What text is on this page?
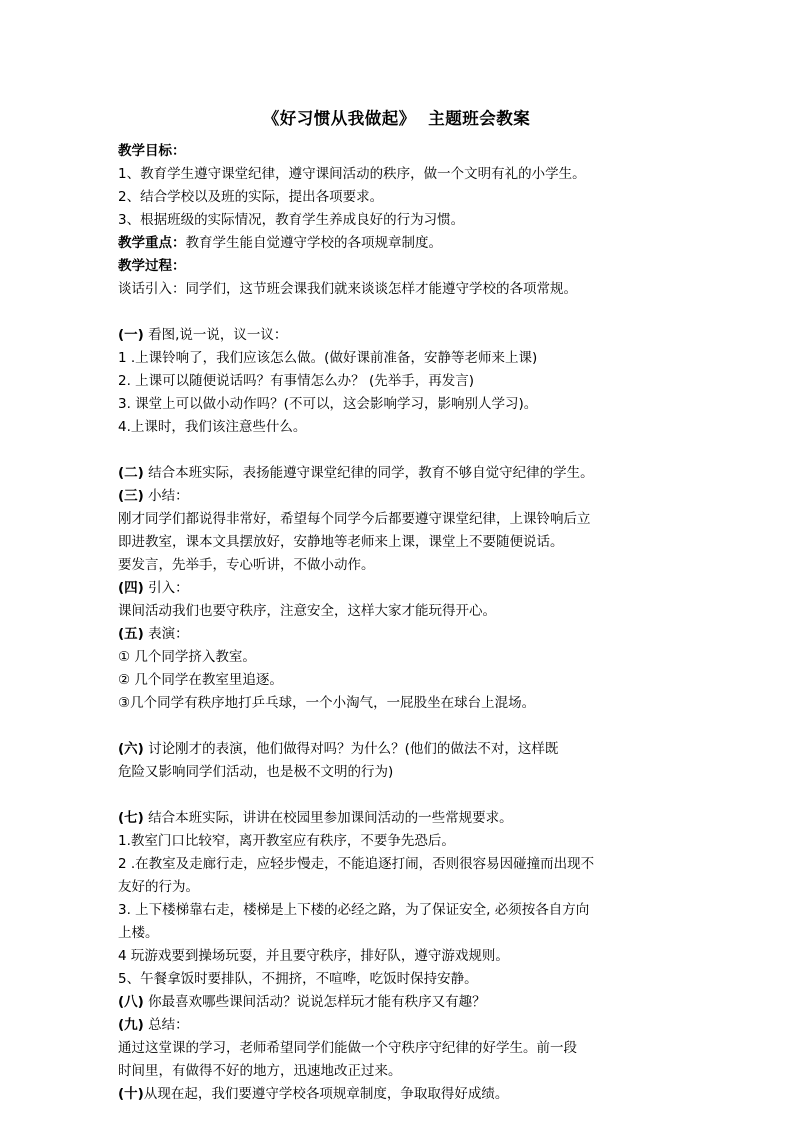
《好习惯从我做起》  主题班会教案
教学目标：
1、教育学生遵守课堂纪律，遵守课间活动的秩序，做一个文明有礼的小学生。
2、结合学校以及班的实际，提出各项要求。
3、根据班级的实际情况，教育学生养成良好的行为习惯。
教学重点：教育学生能自觉遵守学校的各项规章制度。
教学过程：
谈话引入：同学们，这节班会课我们就来谈谈怎样才能遵守学校的各项常规。
(一) 看图,说一说，议一议：
1 .上课铃响了，我们应该怎么做。(做好课前准备，安静等老师来上课)
2. 上课可以随便说话吗？有事情怎么办？ (先举手，再发言)
3. 课堂上可以做小动作吗？(不可以，这会影响学习，影响别人学习)。
4.上课时，我们该注意些什么。
(二) 结合本班实际，表扬能遵守课堂纪律的同学，教育不够自觉守纪律的学生。
(三) 小结：
刚才同学们都说得非常好，希望每个同学今后都要遵守课堂纪律，上课铃响后立
即进教室，课本文具摆放好，安静地等老师来上课，课堂上不要随便说话。
要发言，先举手，专心听讲，不做小动作。
(四) 引入：
课间活动我们也要守秩序，注意安全，这样大家才能玩得开心。
(五) 表演：
① 几个同学挤入教室。
② 几个同学在教室里追逐。
③几个同学有秩序地打乒乓球，一个小淘气，一屁股坐在球台上混场。
(六) 讨论刚才的表演，他们做得对吗？为什么？(他们的做法不对，这样既
危险又影响同学们活动，也是极不文明的行为)
(七) 结合本班实际，讲讲在校园里参加课间活动的一些常规要求。
1.教室门口比较窄，离开教室应有秩序，不要争先恐后。
2 .在教室及走廊行走，应轻步慢走，不能追逐打闹，否则很容易因碰撞而出现不
友好的行为。
3. 上下楼梯靠右走，楼梯是上下楼的必经之路，为了保证安全, 必须按各自方向
上楼。
4 玩游戏要到操场玩耍，并且要守秩序，排好队，遵守游戏规则。
5、午餐拿饭时要排队，不拥挤，不喧哗，吃饭时保持安静。
(八) 你最喜欢哪些课间活动？说说怎样玩才能有秩序又有趣？
(九) 总结：
通过这堂课的学习，老师希望同学们能做一个守秩序守纪律的好学生。前一段
时间里，有做得不好的地方，迅速地改正过来。
(十)从现在起，我们要遵守学校各项规章制度，争取取得好成绩。
